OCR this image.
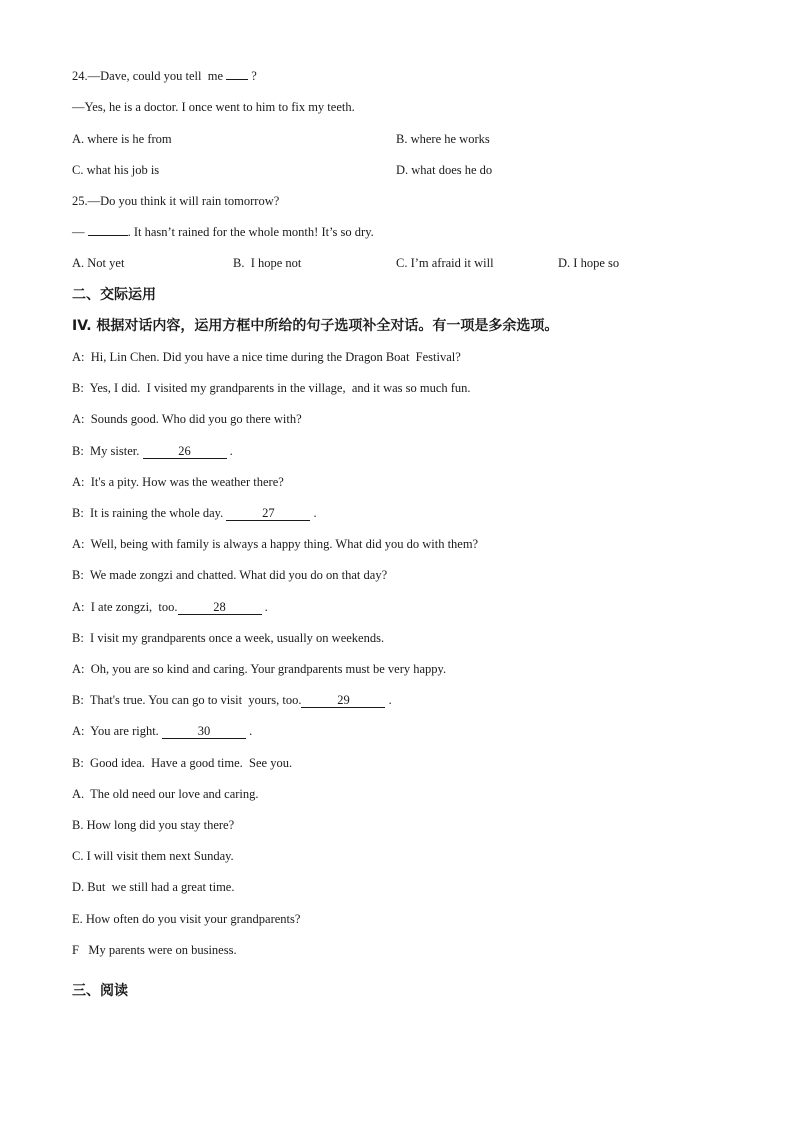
24.—Dave, could you tell  me  ?
—Yes, he is a doctor. I once went to him to fix my teeth.
A. where is he from	B. where he works
C. what his job is	D. what does he do
25.—Do you think it will rain tomorrow?
—	. It hasn’t rained for the whole month! It’s so dry.
A. Not yet	B.  I hope not	C. I’m afraid it will	D. I hope so
二、交际运用
IV. 根据对话内容，运用方框中所给的句子选项补全对话。有一项是多余选项。
A:  Hi, Lin Chen. Did you have a nice time during the Dragon Boat  Festival?
B:  Yes, I did.  I visited my grandparents in the village,  and it was so much fun.
A:  Sounds good. Who did you go there with?
B:  My sister.	26	.
A:  It's a pity. How was the weather there?
B:  It is raining the whole day.	27	.
A:  Well, being with family is always a happy thing. What did you do with them?
B:  We made zongzi and chatted. What did you do on that day?
A:  I ate zongzi,  too.	28	.
B:  I visit my grandparents once a week, usually on weekends.
A:  Oh, you are so kind and caring. Your grandparents must be very happy.
B:  That's true. You can go to visit  yours, too.	29	.
A:  You are right.	30	.
B:  Good idea.  Have a good time.  See you.
A.  The old need our love and caring.
B. How long did you stay there?
C. I will visit them next Sunday.
D. But  we still had a great time.
E. How often do you visit your grandparents?
F   My parents were on business.
三、阅读
